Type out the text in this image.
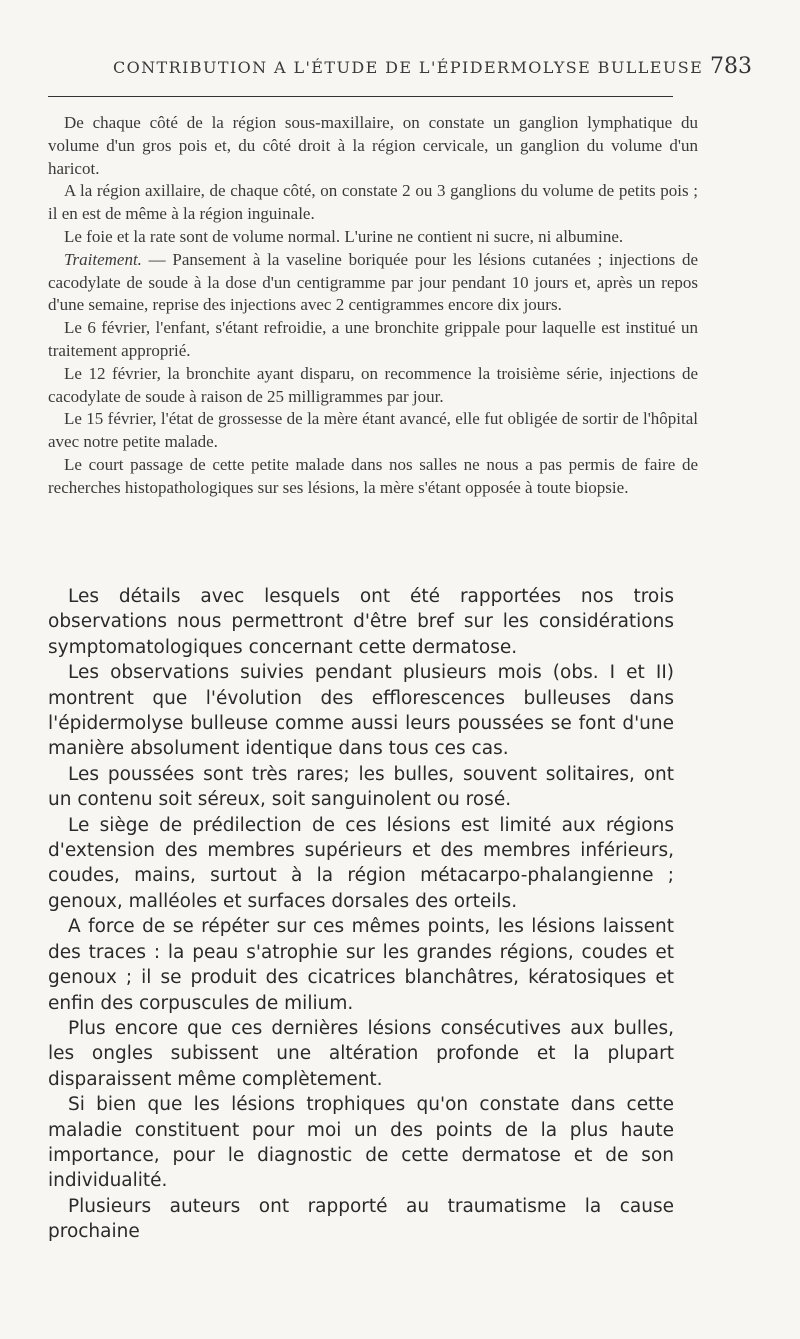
CONTRIBUTION A L'ÉTUDE DE L'ÉPIDERMOLYSE BULLEUSE 783

De chaque côté de la région sous-maxillaire, on constate un ganglion lymphatique du volume d'un gros pois et, du côté droit à la région cervicale, un ganglion du volume d'un haricot.

A la région axillaire, de chaque côté, on constate 2 ou 3 ganglions du volume de petits pois ; il en est de même à la région inguinale.

Le foie et la rate sont de volume normal. L'urine ne contient ni sucre, ni albumine.

Traitement. — Pansement à la vaseline boriquée pour les lésions cutanées ; injections de cacodylate de soude à la dose d'un centigramme par jour pendant 10 jours et, après un repos d'une semaine, reprise des injections avec 2 centigrammes encore dix jours.

Le 6 février, l'enfant, s'étant refroidie, a une bronchite grippale pour laquelle est institué un traitement approprié.

Le 12 février, la bronchite ayant disparu, on recommence la troisième série, injections de cacodylate de soude à raison de 25 milligrammes par jour.

Le 15 février, l'état de grossesse de la mère étant avancé, elle fut obligée de sortir de l'hôpital avec notre petite malade.

Le court passage de cette petite malade dans nos salles ne nous a pas permis de faire de recherches histopathologiques sur ses lésions, la mère s'étant opposée à toute biopsie.

Les détails avec lesquels ont été rapportées nos trois observations nous permettront d'être bref sur les considérations symptomatologiques concernant cette dermatose.

Les observations suivies pendant plusieurs mois (obs. I et II) montrent que l'évolution des efflorescences bulleuses dans l'épidermolyse bulleuse comme aussi leurs poussées se font d'une manière absolument identique dans tous ces cas.

Les poussées sont très rares; les bulles, souvent solitaires, ont un contenu soit séreux, soit sanguinolent ou rosé.

Le siège de prédilection de ces lésions est limité aux régions d'extension des membres supérieurs et des membres inférieurs, coudes, mains, surtout à la région métacarpo-phalangienne ; genoux, malléoles et surfaces dorsales des orteils.

A force de se répéter sur ces mêmes points, les lésions laissent des traces : la peau s'atrophie sur les grandes régions, coudes et genoux ; il se produit des cicatrices blanchâtres, kératosiques et enfin des corpuscules de milium.

Plus encore que ces dernières lésions consécutives aux bulles, les ongles subissent une altération profonde et la plupart disparaissent même complètement.

Si bien que les lésions trophiques qu'on constate dans cette maladie constituent pour moi un des points de la plus haute importance, pour le diagnostic de cette dermatose et de son individualité.

Plusieurs auteurs ont rapporté au traumatisme la cause prochaine
